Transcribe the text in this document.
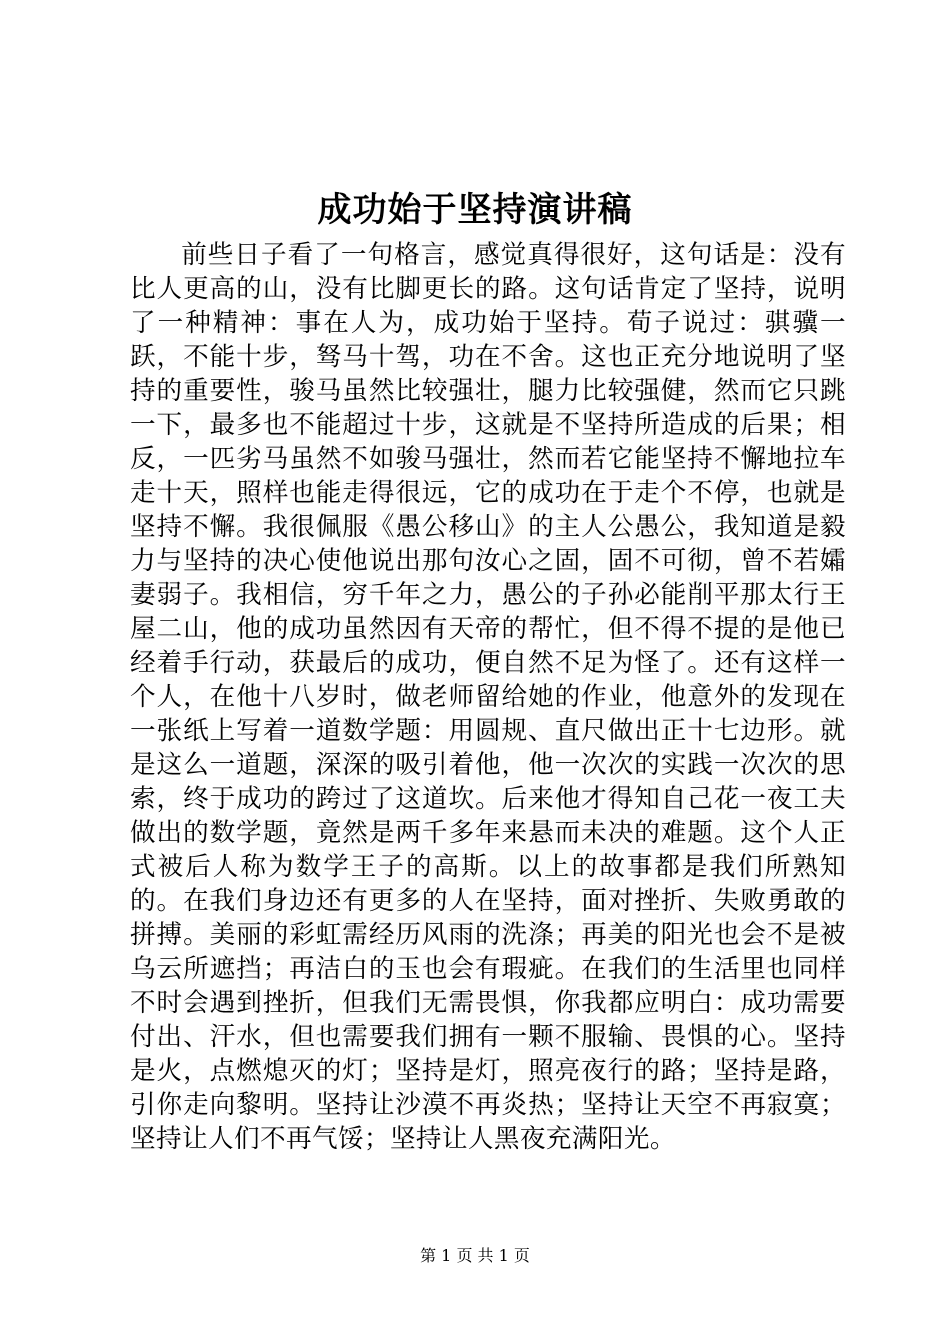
成功始于坚持演讲稿

前些日子看了一句格言，感觉真得很好，这句话是：没有比人更高的山，没有比脚更长的路。这句话肯定了坚持，说明了一种精神：事在人为，成功始于坚持。荀子说过：骐骥一跃，不能十步，驽马十驾，功在不舍。这也正充分地说明了坚持的重要性，骏马虽然比较强壮，腿力比较强健，然而它只跳一下，最多也不能超过十步，这就是不坚持所造成的后果；相反，一匹劣马虽然不如骏马强壮，然而若它能坚持不懈地拉车走十天，照样也能走得很远，它的成功在于走个不停，也就是坚持不懈。我很佩服《愚公移山》的主人公愚公，我知道是毅力与坚持的决心使他说出那句汝心之固，固不可彻，曾不若孀妻弱子。我相信，穷千年之力，愚公的子孙必能削平那太行王屋二山，他的成功虽然因有天帝的帮忙，但不得不提的是他已经着手行动，获最后的成功，便自然不足为怪了。还有这样一个人，在他十八岁时，做老师留给她的作业，他意外的发现在一张纸上写着一道数学题：用圆规、直尺做出正十七边形。就是这么一道题，深深的吸引着他，他一次次的实践一次次的思索，终于成功的跨过了这道坎。后来他才得知自己花一夜工夫做出的数学题，竟然是两千多年来悬而未决的难题。这个人正式被后人称为数学王子的高斯。以上的故事都是我们所熟知的。在我们身边还有更多的人在坚持，面对挫折、失败勇敢的拼搏。美丽的彩虹需经历风雨的洗涤；再美的阳光也会不是被乌云所遮挡；再洁白的玉也会有瑕疵。在我们的生活里也同样不时会遇到挫折，但我们无需畏惧，你我都应明白：成功需要付出、汗水，但也需要我们拥有一颗不服输、畏惧的心。坚持是火，点燃熄灭的灯；坚持是灯，照亮夜行的路；坚持是路，引你走向黎明。坚持让沙漠不再炎热；坚持让天空不再寂寞；坚持让人们不再气馁；坚持让人黑夜充满阳光。

第 1 页 共 1 页
